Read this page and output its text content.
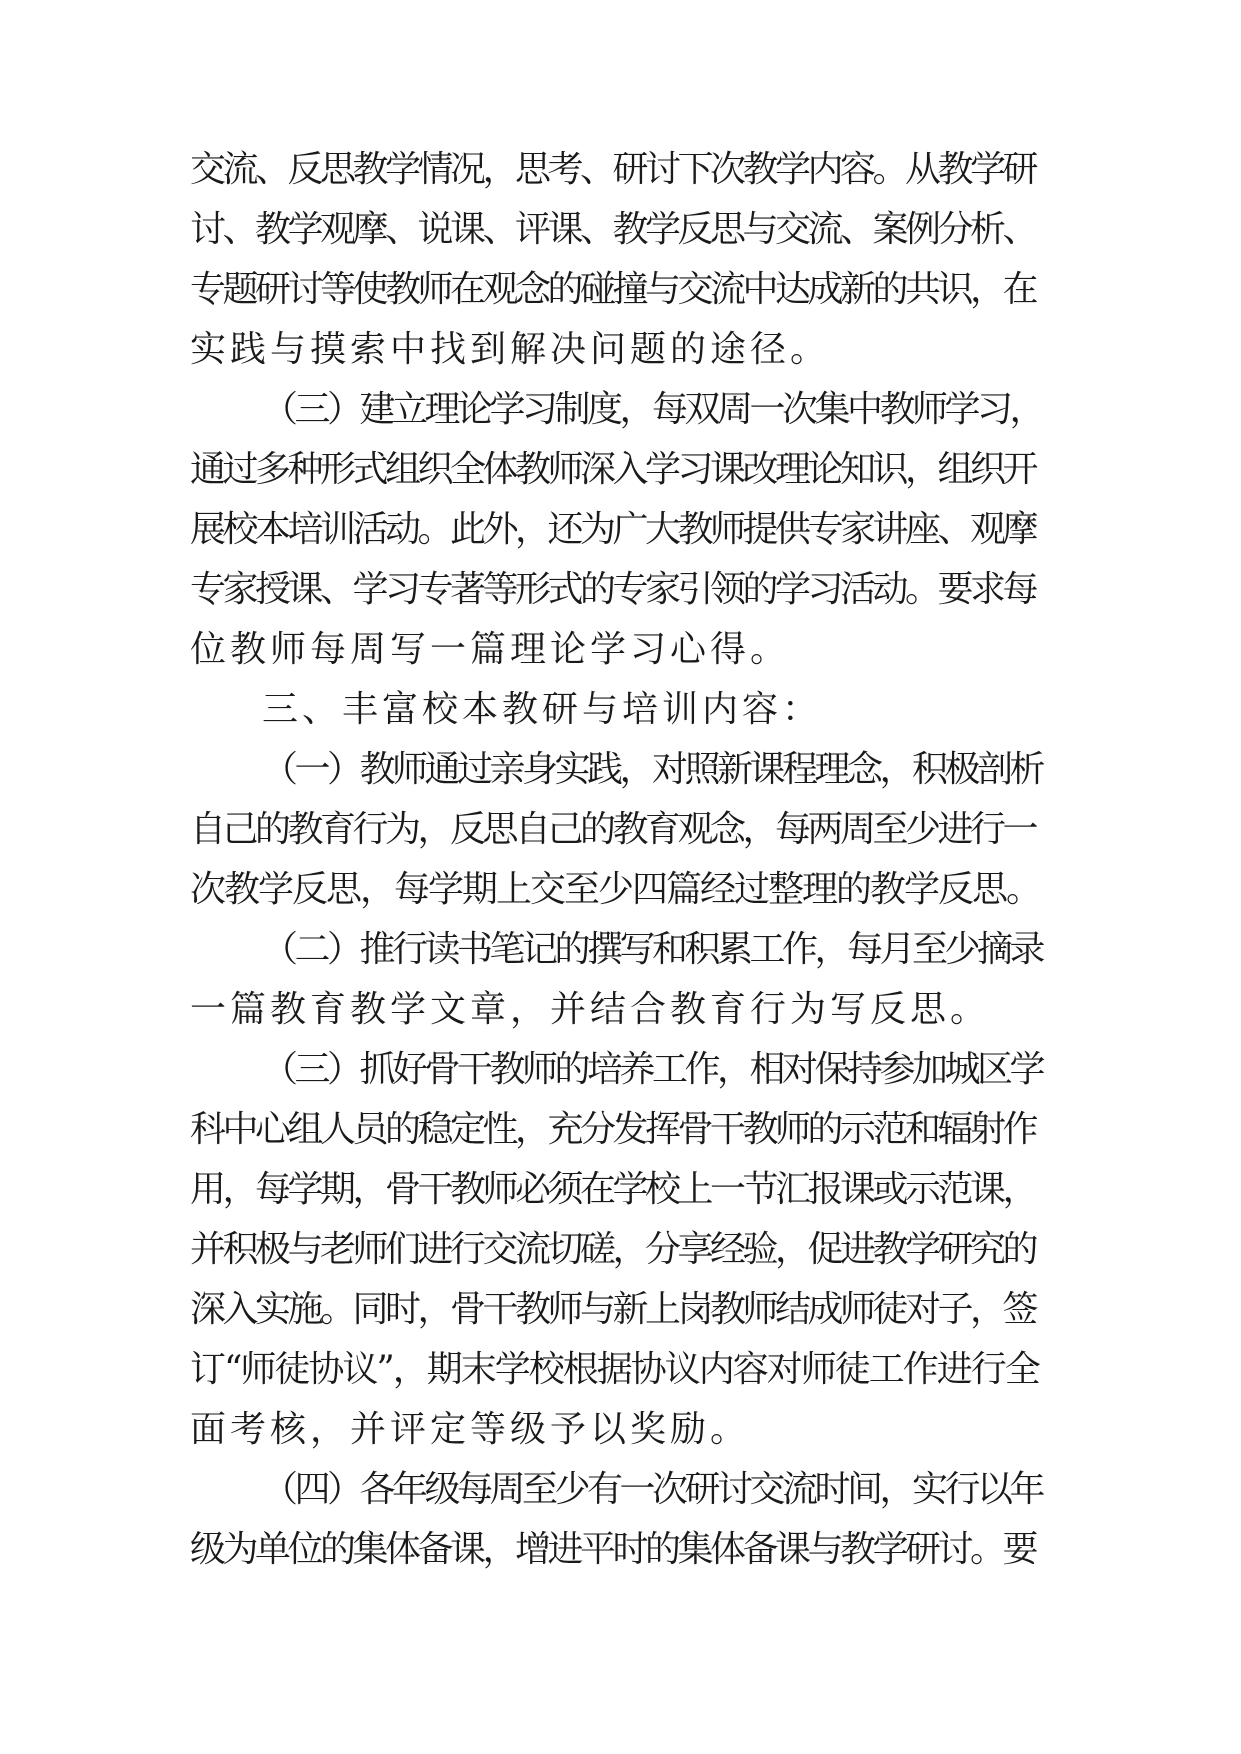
交流、反思教学情况，思考、研讨下次教学内容。从教学研
讨、教学观摩、说课、评课、教学反思与交流、案例分析、
专题研讨等使教师在观念的碰撞与交流中达成新的共识，在
实践与摸索中找到解决问题的途径。
（三）建立理论学习制度，每双周一次集中教师学习，
通过多种形式组织全体教师深入学习课改理论知识，组织开
展校本培训活动。此外，还为广大教师提供专家讲座、观摩
专家授课、学习专著等形式的专家引领的学习活动。要求每
位教师每周写一篇理论学习心得。
三、丰富校本教研与培训内容：
（一）教师通过亲身实践，对照新课程理念，积极剖析
自己的教育行为，反思自己的教育观念，每两周至少进行一
次教学反思，每学期上交至少四篇经过整理的教学反思。
（二）推行读书笔记的撰写和积累工作，每月至少摘录
一篇教育教学文章，并结合教育行为写反思。
（三）抓好骨干教师的培养工作，相对保持参加城区学
科中心组人员的稳定性，充分发挥骨干教师的示范和辐射作
用，每学期，骨干教师必须在学校上一节汇报课或示范课，
并积极与老师们进行交流切磋，分享经验，促进教学研究的
深入实施。同时，骨干教师与新上岗教师结成师徒对子，签
订“师徒协议”，期末学校根据协议内容对师徒工作进行全
面考核，并评定等级予以奖励。
（四）各年级每周至少有一次研讨交流时间，实行以年
级为单位的集体备课，增进平时的集体备课与教学研讨。要
